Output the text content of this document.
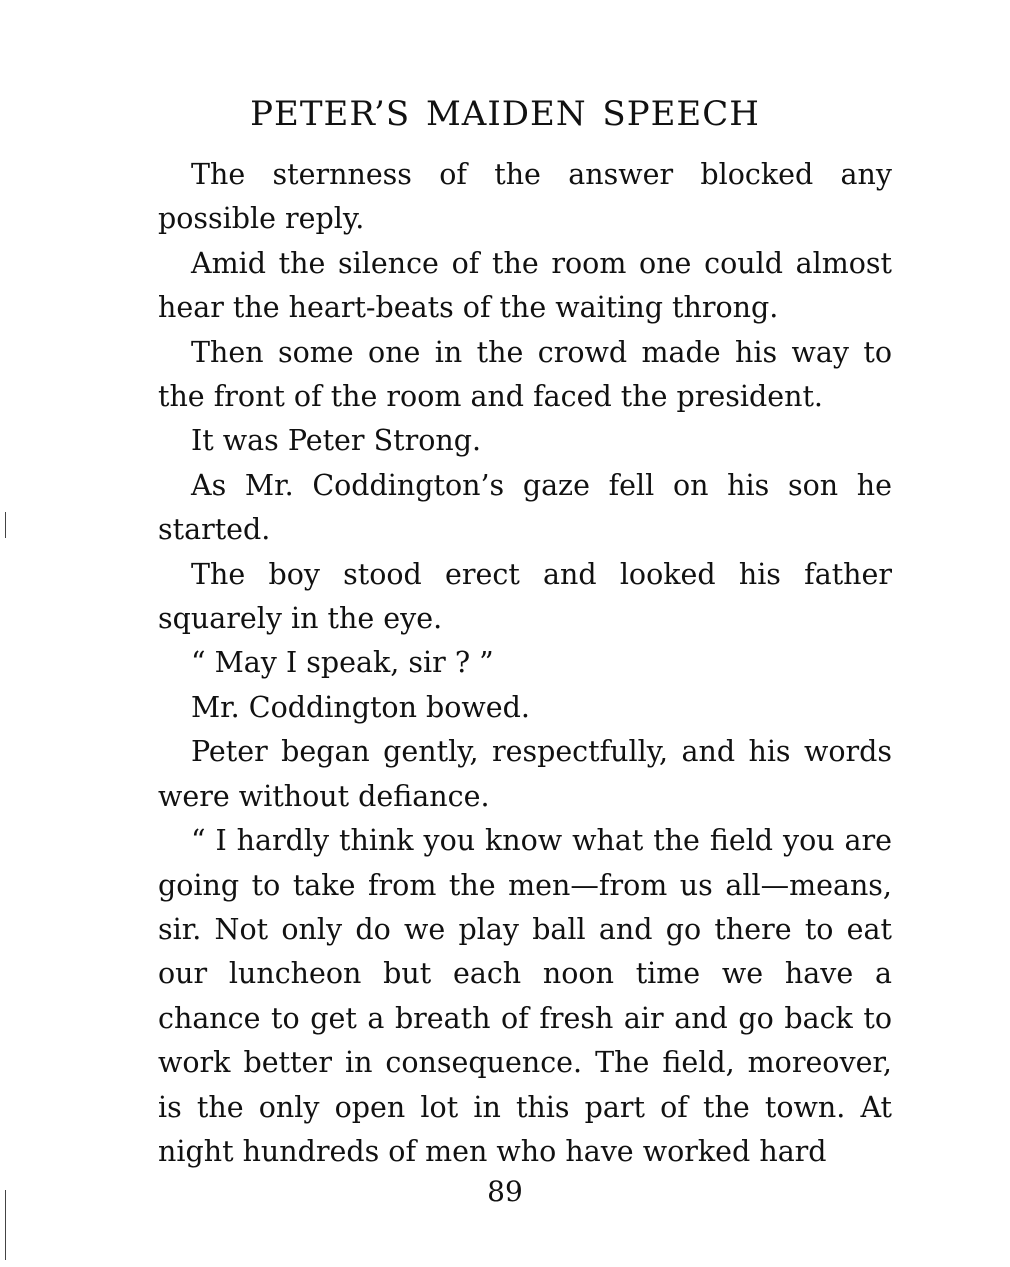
PETER’S MAIDEN SPEECH

The sternness of the answer blocked any possible reply.

Amid the silence of the room one could almost hear the heart-beats of the waiting throng.

Then some one in the crowd made his way to the front of the room and faced the president.

It was Peter Strong.

As Mr. Coddington’s gaze fell on his son he started.

The boy stood erect and looked his father squarely in the eye.

“ May I speak, sir ? ”

Mr. Coddington bowed.

Peter began gently, respectfully, and his words were without defiance.

“ I hardly think you know what the field you are going to take from the men—from us all—means, sir. Not only do we play ball and go there to eat our luncheon but each noon time we have a chance to get a breath of fresh air and go back to work better in consequence. The field, moreover, is the only open lot in this part of the town. At night hundreds of men who have worked hard

89
